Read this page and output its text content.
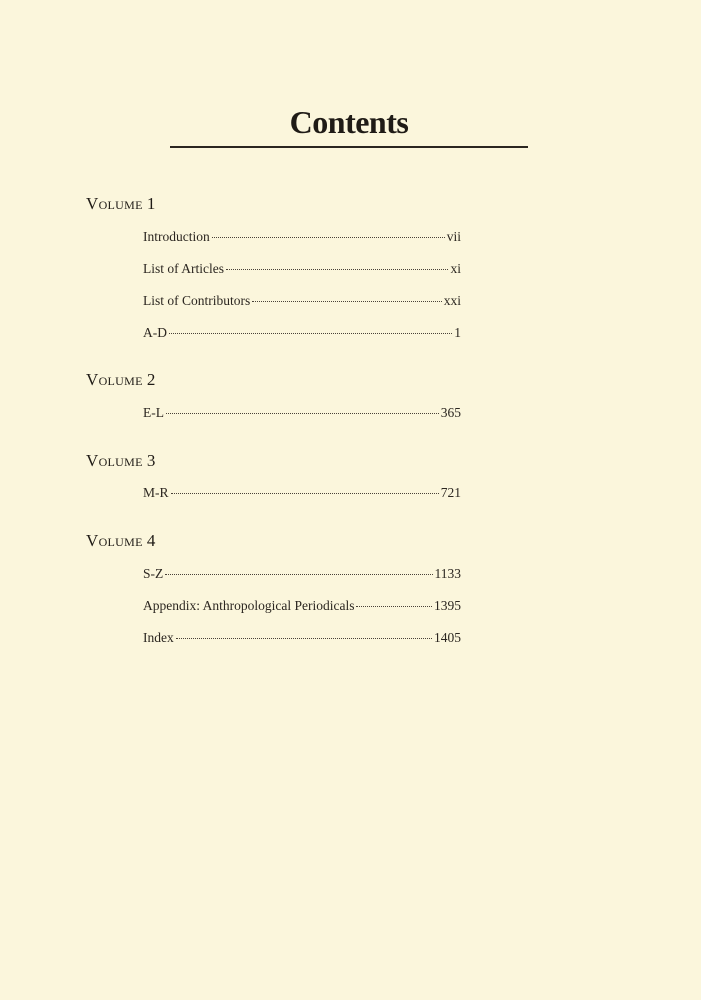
Contents
Volume 1
Introduction	vii
List of Articles	xi
List of Contributors	xxi
A-D	1
Volume 2
E-L	365
Volume 3
M-R	721
Volume 4
S-Z	1133
Appendix: Anthropological Periodicals	1395
Index	1405
